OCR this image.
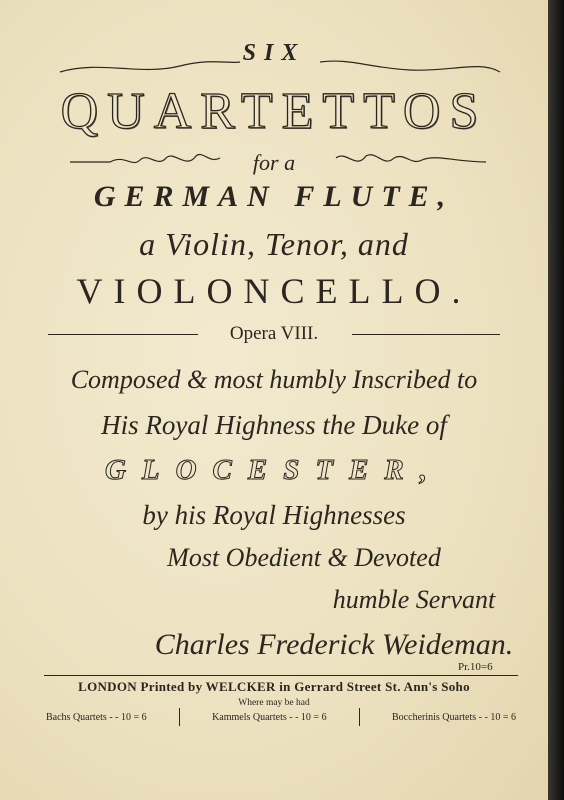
SIX
QUARTETTOS
for a
GERMAN FLUTE,
a Violin, Tenor, and
VIOLONCELLO.
Opera VIII.
Composed & most humbly Inscribed to
His Royal Highness the Duke of
GLOCESTER,
by his Royal Highnesses
Most Obedient & Devoted
humble Servant
Charles Frederick Weideman.
Pr.10=6
LONDON Printed by WELCKER in Gerrard Street St. Ann's Soho
Where may be had
Bachs Quartets - - 10 = 6	Kammels Quartets - - 10 = 6	Boccherinis Quartets - - 10 = 6
